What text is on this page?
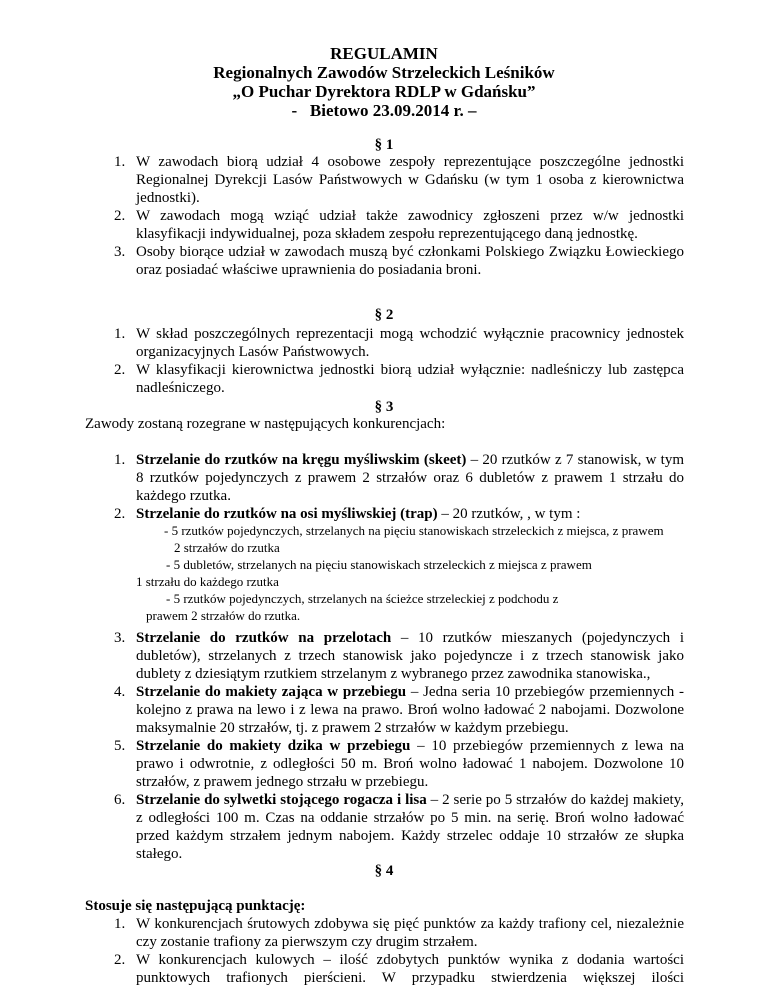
REGULAMIN
Regionalnych Zawodów Strzeleckich Leśników
„O Puchar Dyrektora RDLP w Gdańsku”
-   Bietowo 23.09.2014 r. –
§ 1
1. W zawodach biorą udział 4 osobowe zespoły reprezentujące poszczególne jednostki Regionalnej Dyrekcji Lasów Państwowych w Gdańsku (w tym 1 osoba z kierownictwa jednostki).
2. W zawodach mogą wziąć udział także zawodnicy zgłoszeni przez w/w jednostki klasyfikacji indywidualnej, poza składem zespołu reprezentującego daną jednostkę.
3. Osoby biorące udział w zawodach muszą być członkami Polskiego Związku Łowieckiego oraz posiadać właściwe uprawnienia do posiadania broni.
§ 2
1. W skład poszczególnych reprezentacji mogą wchodzić wyłącznie pracownicy jednostek organizacyjnych Lasów Państwowych.
2. W klasyfikacji kierownictwa jednostki biorą udział wyłącznie: nadleśniczy lub zastępca nadleśniczego.
§ 3
Zawody zostaną rozegrane w następujących konkurencjach:
1. Strzelanie do rzutków na kręgu myśliwskim (skeet) – 20 rzutków z 7 stanowisk, w tym 8 rzutków pojedynczych z prawem 2 strzałów oraz 6 dubletów z prawem 1 strzału do każdego rzutka.
2. Strzelanie do rzutków na osi myśliwskiej (trap) – 20 rzutków, , w tym :
- 5 rzutków pojedynczych, strzelanych na pięciu stanowiskach strzeleckich z miejsca, z prawem 2 strzałów do rzutka
- 5 dubletów, strzelanych na pięciu stanowiskach strzeleckich z miejsca z prawem 1 strzału do każdego rzutka
- 5 rzutków pojedynczych, strzelanych na ścieżce strzeleckiej z podchodu z prawem 2 strzałów do rzutka.
3. Strzelanie do rzutków na przelotach – 10 rzutków mieszanych (pojedynczych i dubletów), strzelanych z trzech stanowisk jako pojedyncze i z trzech stanowisk jako dublety z dziesiątym rzutkiem strzelanym z wybranego przez zawodnika stanowiska.,
4. Strzelanie do makiety zająca w przebiegu – Jedna seria 10 przebiegów przemiennych - kolejno z prawa na lewo i z lewa na prawo. Broń wolno ładować 2 nabojami. Dozwolone maksymalnie 20 strzałów, tj. z prawem 2 strzałów w każdym przebiegu.
5. Strzelanie do makiety dzika w przebiegu – 10 przebiegów przemiennych z lewa na prawo i odwrotnie, z odległości 50 m. Broń wolno ładować 1 nabojem. Dozwolone 10 strzałów, z prawem jednego strzału w przebiegu.
6. Strzelanie do sylwetki stojącego rogacza i lisa – 2 serie po 5 strzałów do każdej makiety, z odległości 100 m. Czas na oddanie strzałów po 5 min. na serię. Broń wolno ładować przed każdym strzałem jednym nabojem. Każdy strzelec oddaje 10 strzałów ze słupka stałego.
§ 4
Stosuje się następującą punktację:
1. W konkurencjach śrutowych zdobywa się pięć punktów za każdy trafiony cel, niezależnie czy zostanie trafiony za pierwszym czy drugim strzałem.
2. W konkurencjach kulowych – ilość zdobytych punktów wynika z dodania wartości punktowych trafionych pierścieni. W przypadku stwierdzenia większej ilości
